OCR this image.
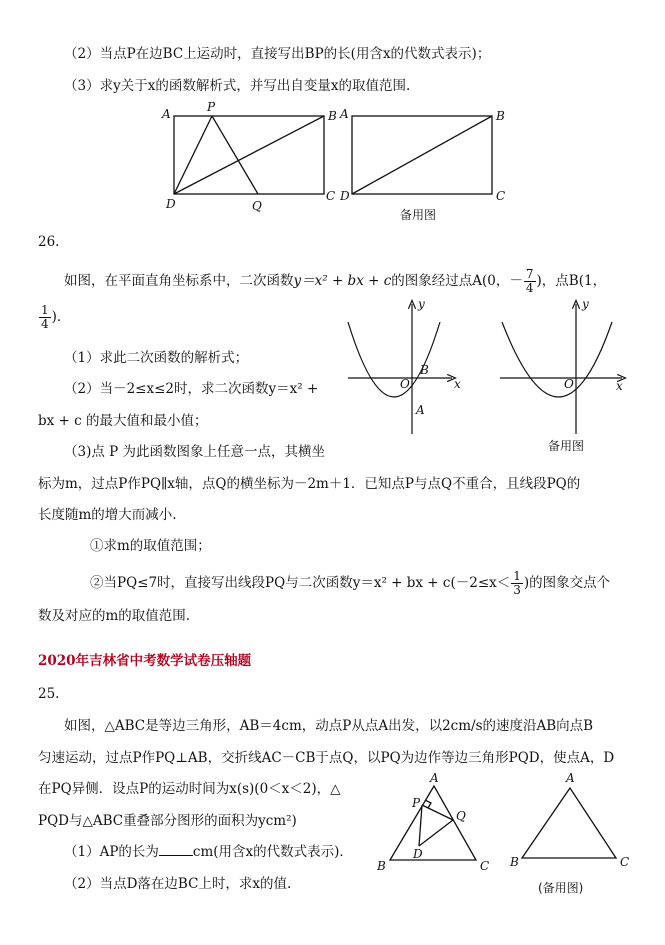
（2）当点P在边BC上运动时，直接写出BP的长(用含x的代数式表示)；
（3）求y关于x的函数解析式，并写出自变量x的取值范围.
A	P
B
D	Q
C
A	B
D	C
备用图
26.
如图，在平面直角坐标系中，二次函数y＝x² + bx + c的图象经过点A(0，－ $\frac{7}{4}$ )，点B(1，
$\frac{1}{4}$ )．
（1）求此二次函数的解析式；
（2）当－2≤x≤2时，求二次函数y＝x² +
bx + c 的最大值和最小值；
（3)点 P 为此函数图象上任意一点，其横坐
标为m，过点P作PQ∥x轴，点Q的横坐标为－2m＋1．已知点P与点Q不重合，且线段PQ的
长度随m的增大而减小.
①求m的取值范围；
②当PQ≤7时，直接写出线段PQ与二次函数y＝x² + bx + $c(-2\le x< \frac{1}{3}$ )的图象交点个
数及对应的m的取值范围.
y
x
O
B
A
y
x
O
备用图
2020年吉林省中考数学试卷压轴题
25.
如图，△ABC是等边三角形，AB＝4cm，动点P从点A出发，以2cm/s的速度沿AB向点B
匀速运动，过点P作PQ⊥AB，交折线AC－CB于点Q，以PQ为边作等边三角形PQD，使点A，D
在PQ异侧．设点P的运动时间为x(s)(0＜x＜2)，△
PQD与△ABC重叠部分图形的面积为ycm²)
（1）AP的长为	cm(用含x的代数式表示)．
（2）当点D落在边BC上时，求x的值.
A
P
Q
D
B	C
A
B	C
(备用图)
